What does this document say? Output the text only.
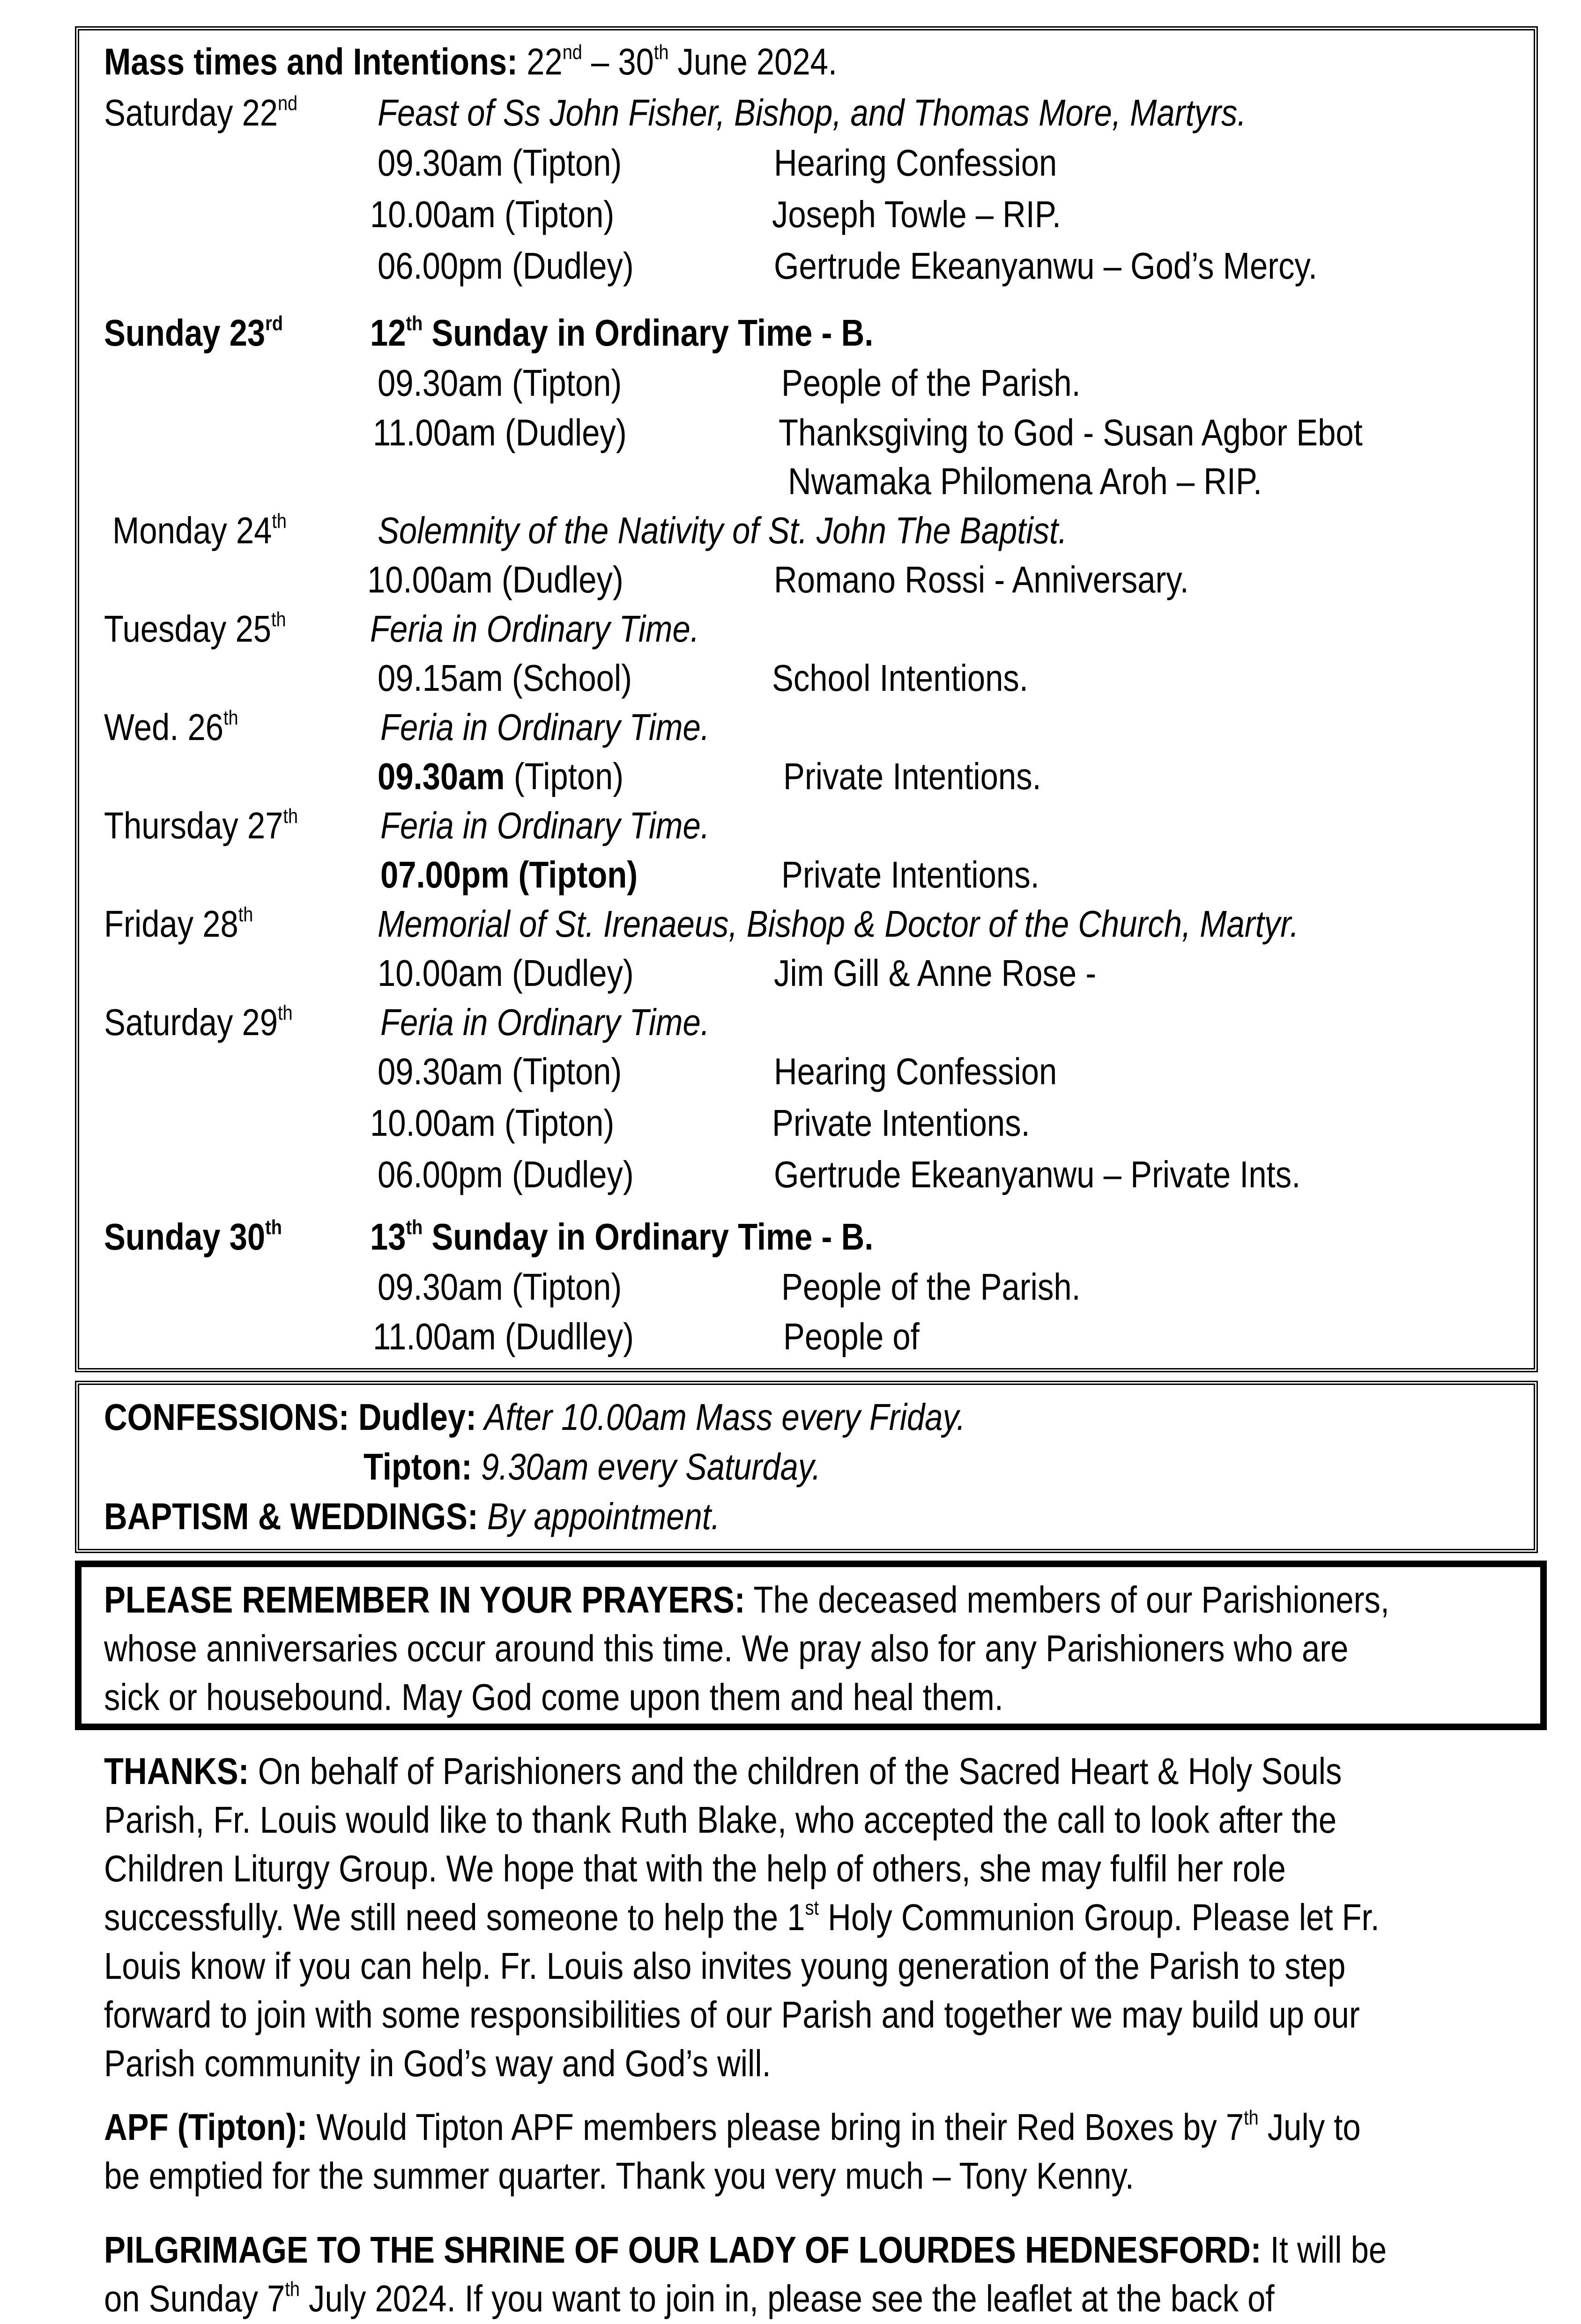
Mass times and Intentions: 22nd – 30th June 2024.
Saturday 22nd	Feast of Ss John Fisher, Bishop, and Thomas More, Martyrs.
09.30am (Tipton)	Hearing Confession
10.00am (Tipton)	Joseph Towle – RIP.
06.00pm (Dudley)	Gertrude Ekeanyanwu – God’s Mercy.
Sunday 23rd	12th Sunday in Ordinary Time - B.
09.30am (Tipton)	People of the Parish.
11.00am (Dudley)	Thanksgiving to God - Susan Agbor Ebot
Nwamaka Philomena Aroh – RIP.
Monday 24th	Solemnity of the Nativity of St. John The Baptist.
10.00am (Dudley)	Romano Rossi - Anniversary.
Tuesday 25th	Feria in Ordinary Time.
09.15am (School)	School Intentions.
Wed. 26th	Feria in Ordinary Time.
09.30am (Tipton)	Private Intentions.
Thursday 27th	Feria in Ordinary Time.
07.00pm (Tipton)	Private Intentions.
Friday 28th	Memorial of St. Irenaeus, Bishop & Doctor of the Church, Martyr.
10.00am (Dudley)	Jim Gill & Anne Rose -
Saturday 29th	Feria in Ordinary Time.
09.30am (Tipton)	Hearing Confession
10.00am (Tipton)	Private Intentions.
06.00pm (Dudley)	Gertrude Ekeanyanwu – Private Ints.
Sunday 30th	13th Sunday in Ordinary Time - B.
09.30am (Tipton)	People of the Parish.
11.00am (Dudlley)	People of
CONFESSIONS: Dudley: After 10.00am Mass every Friday.
Tipton: 9.30am every Saturday.
BAPTISM & WEDDINGS: By appointment.
PLEASE REMEMBER IN YOUR PRAYERS: The deceased members of our Parishioners,
whose anniversaries occur around this time. We pray also for any Parishioners who are
sick or housebound. May God come upon them and heal them.
THANKS: On behalf of Parishioners and the children of the Sacred Heart & Holy Souls
Parish, Fr. Louis would like to thank Ruth Blake, who accepted the call to look after the
Children Liturgy Group. We hope that with the help of others, she may fulfil her role
successfully. We still need someone to help the 1st Holy Communion Group. Please let Fr.
Louis know if you can help. Fr. Louis also invites young generation of the Parish to step
forward to join with some responsibilities of our Parish and together we may build up our
Parish community in God’s way and God’s will.
APF (Tipton): Would Tipton APF members please bring in their Red Boxes by 7th July to
be emptied for the summer quarter. Thank you very much – Tony Kenny.
PILGRIMAGE TO THE SHRINE OF OUR LADY OF LOURDES HEDNESFORD: It will be
on Sunday 7th July 2024. If you want to join in, please see the leaflet at the back of
